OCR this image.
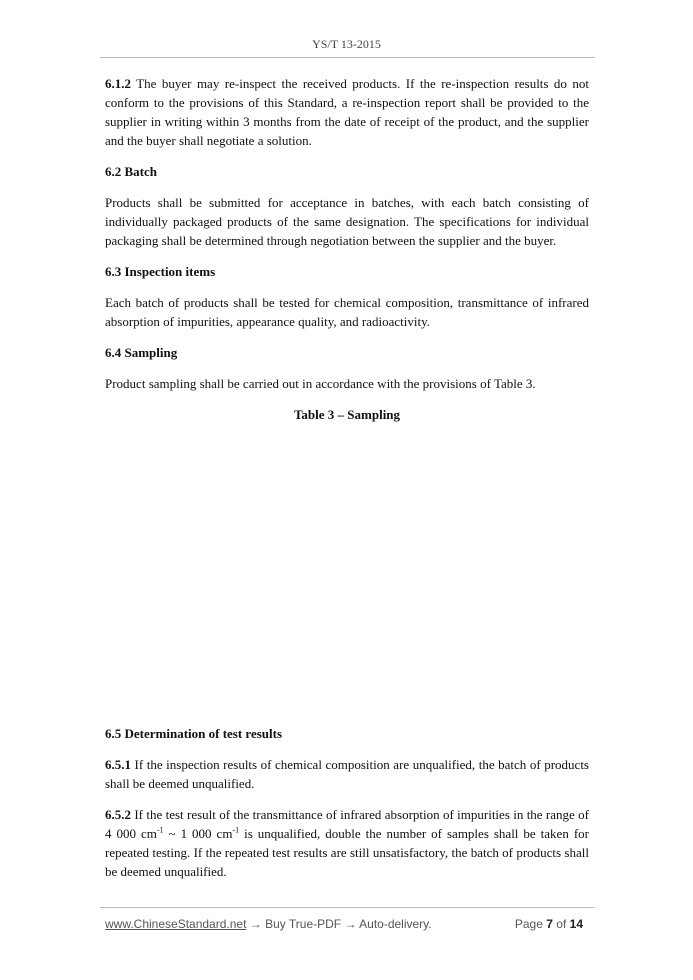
YS/T 13-2015

6.1.2 The buyer may re-inspect the received products. If the re-inspection results do not conform to the provisions of this Standard, a re-inspection report shall be provided to the supplier in writing within 3 months from the date of receipt of the product, and the supplier and the buyer shall negotiate a solution.

6.2 Batch

Products shall be submitted for acceptance in batches, with each batch consisting of individually packaged products of the same designation. The specifications for individual packaging shall be determined through negotiation between the supplier and the buyer.

6.3 Inspection items

Each batch of products shall be tested for chemical composition, transmittance of infrared absorption of impurities, appearance quality, and radioactivity.

6.4 Sampling

Product sampling shall be carried out in accordance with the provisions of Table 3.

Table 3 – Sampling

6.5 Determination of test results

6.5.1 If the inspection results of chemical composition are unqualified, the batch of products shall be deemed unqualified.

6.5.2 If the test result of the transmittance of infrared absorption of impurities in the range of 4 000 $cm^{-1}$ ~ 1 000 $cm^{-1}$ is unqualified, double the number of samples shall be taken for repeated testing. If the repeated test results are still unsatisfactory, the batch of products shall be deemed unqualified.

www.ChineseStandard.net → Buy True-PDF → Auto-delivery.	Page 7 of 14
